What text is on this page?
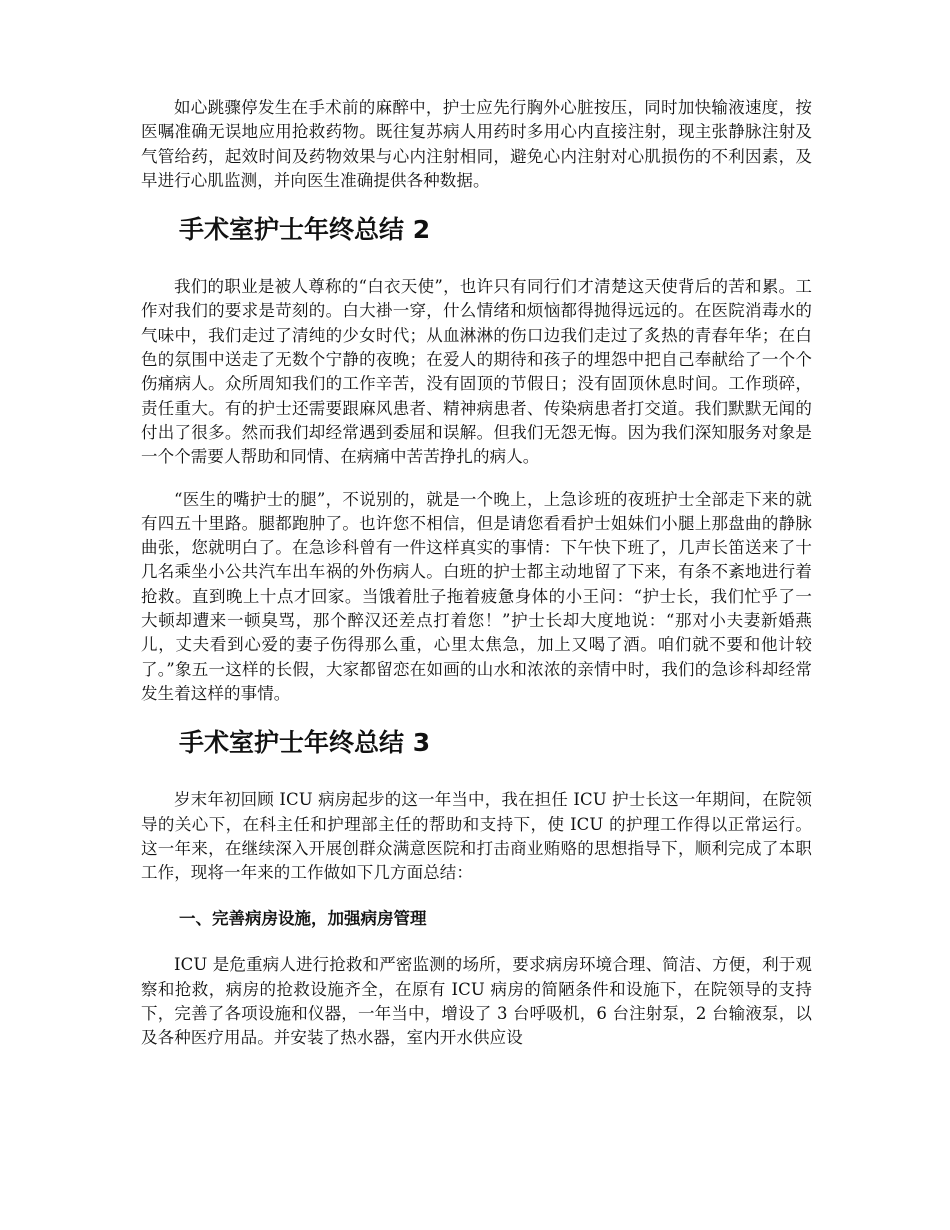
如心跳骤停发生在手术前的麻醉中，护士应先行胸外心脏按压，同时加快输液速度，按医嘱准确无误地应用抢救药物。既往复苏病人用药时多用心内直接注射，现主张静脉注射及气管给药，起效时间及药物效果与心内注射相同，避免心内注射对心肌损伤的不利因素，及早进行心肌监测，并向医生准确提供各种数据。

手术室护士年终总结 2

我们的职业是被人尊称的“白衣天使”，也许只有同行们才清楚这天使背后的苦和累。工作对我们的要求是苛刻的。白大褂一穿，什么情绪和烦恼都得抛得远远的。在医院消毒水的气味中，我们走过了清纯的少女时代；从血淋淋的伤口边我们走过了炙热的青春年华；在白色的氛围中送走了无数个宁静的夜晚；在爱人的期待和孩子的埋怨中把自己奉献给了一个个伤痛病人。众所周知我们的工作辛苦，没有固顶的节假日；没有固顶休息时间。工作琐碎，责任重大。有的护士还需要跟麻风患者、精神病患者、传染病患者打交道。我们默默无闻的付出了很多。然而我们却经常遇到委屈和误解。但我们无怨无悔。因为我们深知服务对象是一个个需要人帮助和同情、在病痛中苦苦挣扎的病人。

“医生的嘴护士的腿”，不说别的，就是一个晚上，上急诊班的夜班护士全部走下来的就有四五十里路。腿都跑肿了。也许您不相信，但是请您看看护士姐妹们小腿上那盘曲的静脉曲张，您就明白了。在急诊科曾有一件这样真实的事情：下午快下班了，几声长笛送来了十几名乘坐小公共汽车出车祸的外伤病人。白班的护士都主动地留了下来，有条不紊地进行着抢救。直到晚上十点才回家。当饿着肚子拖着疲惫身体的小王问：“护士长，我们忙乎了一大顿却遭来一顿臭骂，那个醉汉还差点打着您！”护士长却大度地说：“那对小夫妻新婚燕儿，丈夫看到心爱的妻子伤得那么重，心里太焦急，加上又喝了酒。咱们就不要和他计较了。”象五一这样的长假，大家都留恋在如画的山水和浓浓的亲情中时，我们的急诊科却经常发生着这样的事情。

手术室护士年终总结 3

岁末年初回顾 ICU 病房起步的这一年当中，我在担任 ICU 护士长这一年期间，在院领导的关心下，在科主任和护理部主任的帮助和支持下，使 ICU 的护理工作得以正常运行。这一年来，在继续深入开展创群众满意医院和打击商业贿赂的思想指导下，顺利完成了本职工作，现将一年来的工作做如下几方面总结：

一、完善病房设施，加强病房管理

ICU 是危重病人进行抢救和严密监测的场所，要求病房环境合理、简洁、方便，利于观察和抢救，病房的抢救设施齐全，在原有 ICU 病房的简陋条件和设施下，在院领导的支持下，完善了各项设施和仪器，一年当中，增设了 3 台呼吸机，6 台注射泵，2 台输液泵，以及各种医疗用品。并安装了热水器，室内开水供应设
